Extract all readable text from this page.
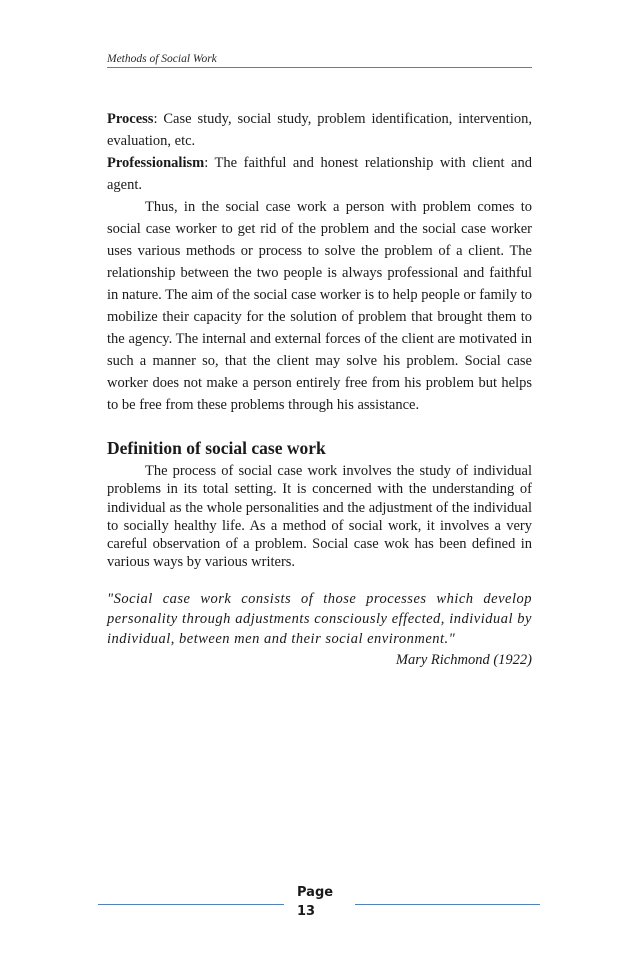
Methods of Social Work

Process: Case study, social study, problem identification, intervention, evaluation, etc.

Professionalism: The faithful and honest relationship with client and agent.

Thus, in the social case work a person with problem comes to social case worker to get rid of the problem and the social case worker uses various methods or process to solve the problem of a client. The relationship between the two people is always professional and faithful in nature. The aim of the social case worker is to help people or family to mobilize their capacity for the solution of problem that brought them to the agency. The internal and external forces of the client are motivated in such a manner so, that the client may solve his problem. Social case worker does not make a person entirely free from his problem but helps to be free from these problems through his assistance.

Definition of social case work

The process of social case work involves the study of individual problems in its total setting. It is concerned with the understanding of individual as the whole personalities and the adjustment of the individual to socially healthy life. As a method of social work, it involves a very careful observation of a problem. Social case wok has been defined in various ways by various writers.

"Social case work consists of those processes which develop personality through adjustments consciously effected, individual by individual, between men and their social environment."

Mary Richmond (1922)

Page
13
